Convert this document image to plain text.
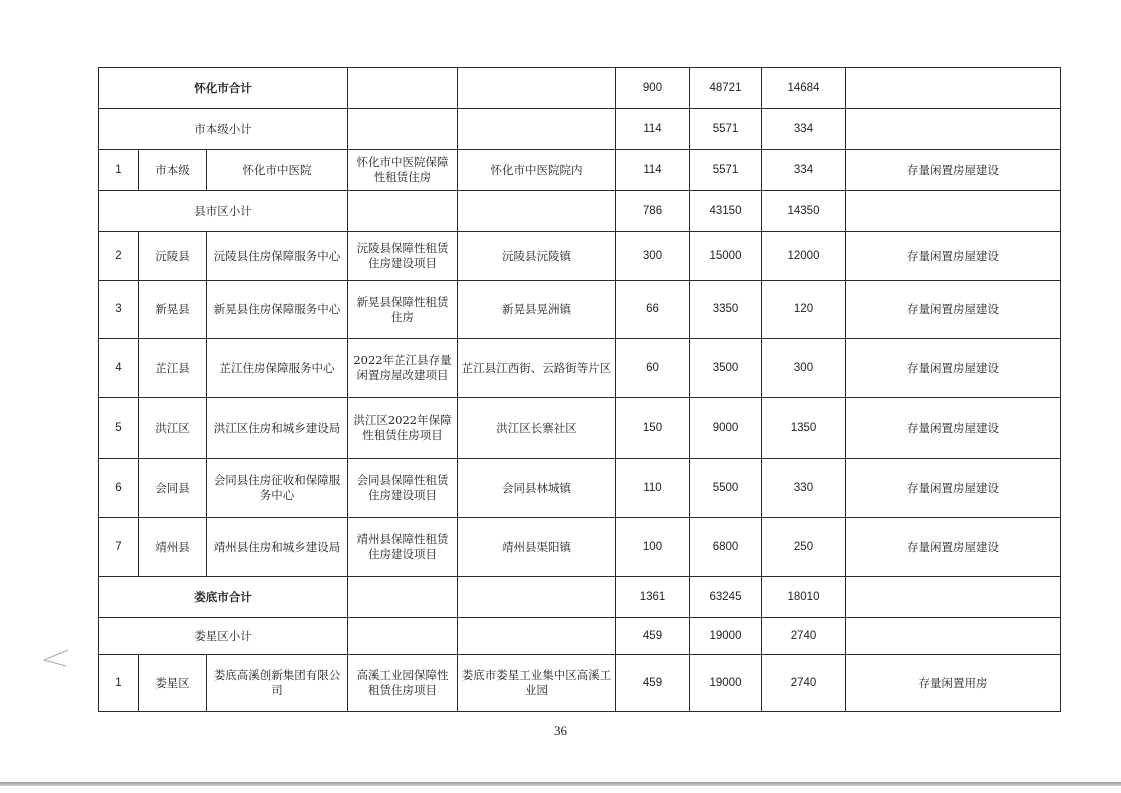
怀化市合计					900	48721	14684	
市本级小计					114	5571	334	
1	市本级	怀化市中医院	怀化市中医院保障性租赁住房	怀化市中医院院内	114	5571	334	存量闲置房屋建设
县市区小计					786	43150	14350	
2	沅陵县	沅陵县住房保障服务中心	沅陵县保障性租赁住房建设项目	沅陵县沅陵镇	300	15000	12000	存量闲置房屋建设
3	新晃县	新晃县住房保障服务中心	新晃县保障性租赁住房	新晃县晃洲镇	66	3350	120	存量闲置房屋建设
4	芷江县	芷江住房保障服务中心	2022年芷江县存量闲置房屋改建项目	芷江县江西街、云路街等片区	60	3500	300	存量闲置房屋建设
5	洪江区	洪江区住房和城乡建设局	洪江区2022年保障性租赁住房项目	洪江区长寨社区	150	9000	1350	存量闲置房屋建设
6	会同县	会同县住房征收和保障服务中心	会同县保障性租赁住房建设项目	会同县林城镇	110	5500	330	存量闲置房屋建设
7	靖州县	靖州县住房和城乡建设局	靖州县保障性租赁住房建设项目	靖州县渠阳镇	100	6800	250	存量闲置房屋建设
娄底市合计					1361	63245	18010	
娄星区小计					459	19000	2740	
1	娄星区	娄底高溪创新集团有限公司	高溪工业园保障性租赁住房项目	娄底市娄星工业集中区高溪工业园	459	19000	2740	存量闲置用房
36
